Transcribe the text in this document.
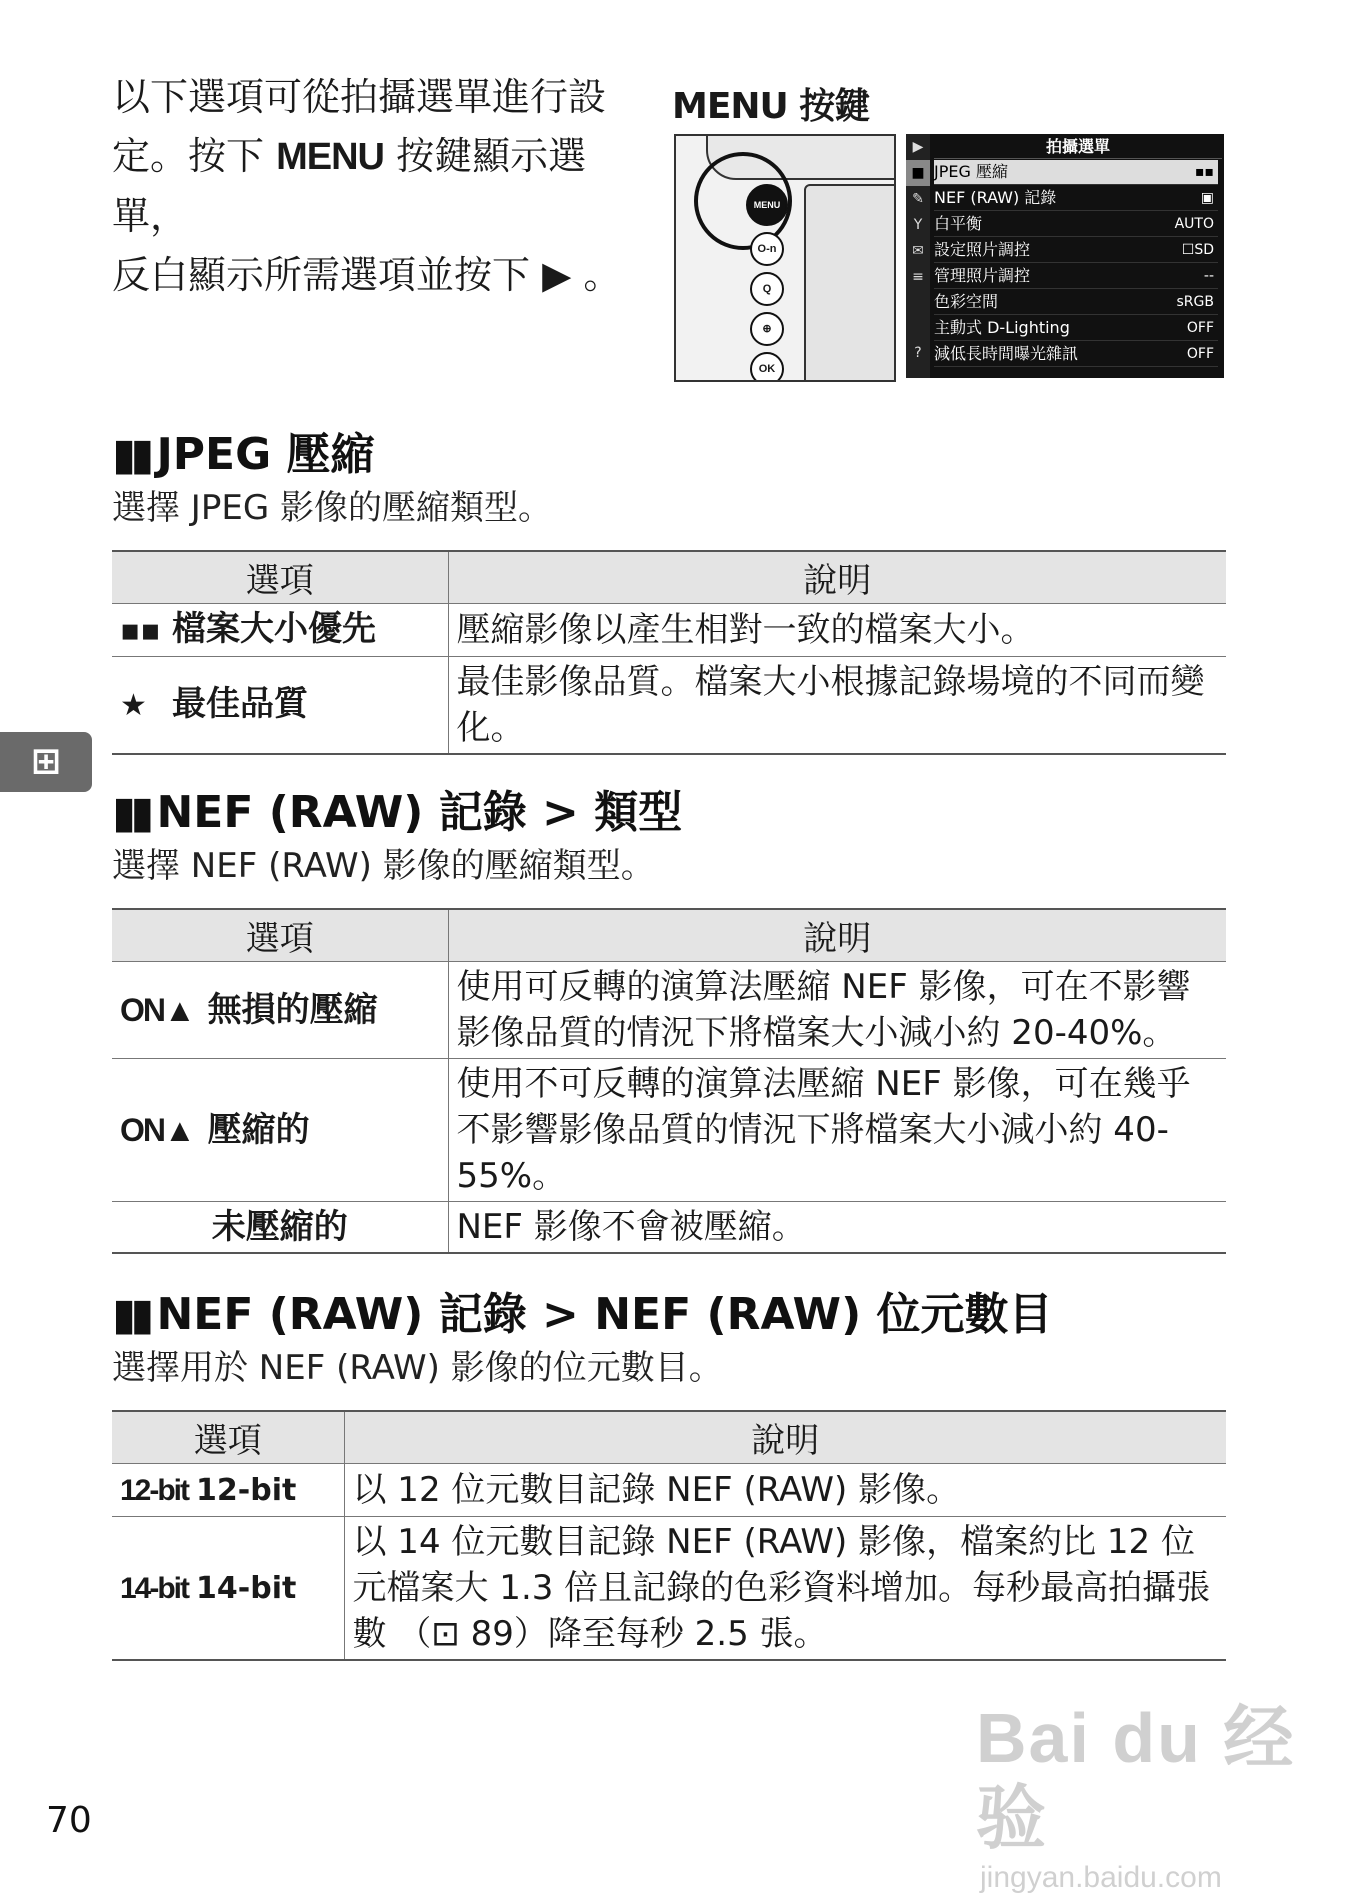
以下選項可從拍攝選單進行設
定。按下 MENU 按鍵顯示選單，
反白顯示所需選項並按下 ▶ 。
MENU 按鍵
MENU
O-n
Q
⊕
OK
▶
■
✎
Y
✉
≡
?
拍攝選單
JPEG 壓縮	▪▪
NEF (RAW) 記錄	▣
白平衡	AUTO
設定照片調控	☐SD
管理照片調控	--
色彩空間	sRGB
主動式 D-Lighting	OFF
減低長時間曝光雜訊	OFF
▮▮ JPEG 壓縮
選擇 JPEG 影像的壓縮類型。
選項	說明
▪▪ 檔案大小優先	壓縮影像以產生相對一致的檔案大小。
★ 最佳品質	最佳影像品質。檔案大小根據記錄場境的不同而變化。
⊞
▮▮ NEF (RAW) 記錄 > 類型
選擇 NEF (RAW) 影像的壓縮類型。
選項	說明
ON▲ 無損的壓縮	使用可反轉的演算法壓縮 NEF 影像，可在不影響影像品質的情況下將檔案大小減小約 20-40%。
ON▲ 壓縮的	使用不可反轉的演算法壓縮 NEF 影像，可在幾乎不影響影像品質的情況下將檔案大小減小約 40-55%。
未壓縮的	NEF 影像不會被壓縮。
▮▮ NEF (RAW) 記錄 > NEF (RAW) 位元數目
選擇用於 NEF (RAW) 影像的位元數目。
選項	說明
12-bit 12-bit	以 12 位元數目記錄 NEF (RAW) 影像。
14-bit 14-bit	以 14 位元數目記錄 NEF (RAW) 影像，檔案約比 12 位元檔案大 1.3 倍且記錄的色彩資料增加。每秒最高拍攝張數 （⊡ 89）降至每秒 2.5 張。
Bai du 经验
jingyan.baidu.com
70
